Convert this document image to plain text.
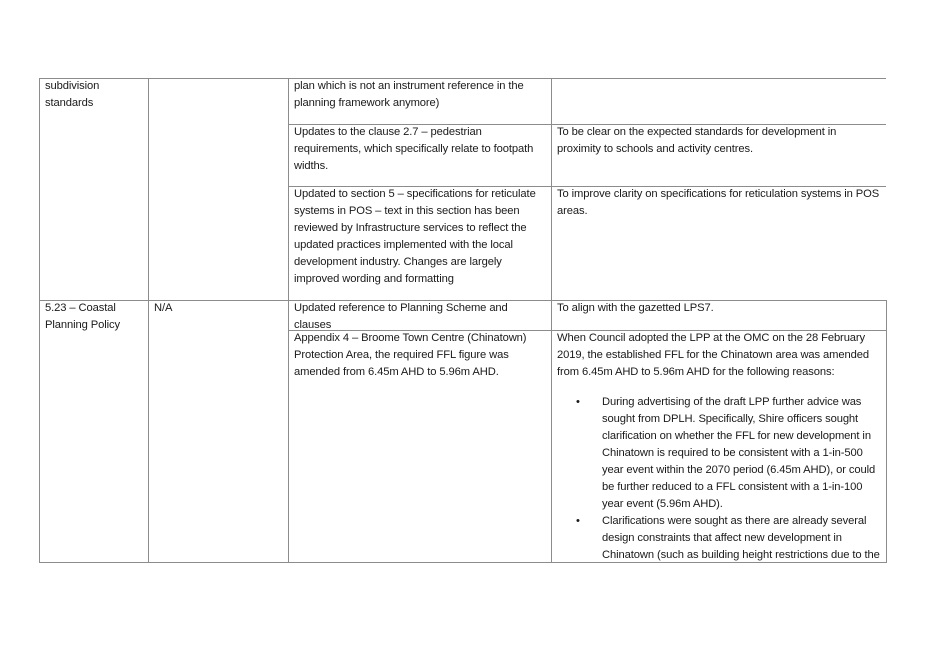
subdivision standards

plan which is not an instrument reference in the planning framework anymore)

Updates to the clause 2.7 – pedestrian requirements, which specifically relate to footpath widths.

To be clear on the expected standards for development in proximity to schools and activity centres.

Updated to section 5 – specifications for reticulate systems in POS – text in this section has been reviewed by Infrastructure services to reflect the updated practices implemented with the local development industry. Changes are largely improved wording and formatting

To improve clarity on specifications for reticulation systems in POS areas.

5.23 – Coastal Planning Policy

N/A	Updated reference to Planning Scheme and clauses

To align with the gazetted LPS7.

Appendix 4 – Broome Town Centre (Chinatown) Protection Area, the required FFL figure was amended from 6.45m AHD to 5.96m AHD.

When Council adopted the LPP at the OMC on the 28 February 2019, the established FFL for the Chinatown area was amended from 6.45m AHD to 5.96m AHD for the following reasons:

• During advertising of the draft LPP further advice was sought from DPLH. Specifically, Shire officers sought clarification on whether the FFL for new development in Chinatown is required to be consistent with a 1-in-500 year event within the 2070 period (6.45m AHD), or could be further reduced to a FFL consistent with a 1-in-100 year event (5.96m AHD).
• Clarifications were sought as there are already several design constraints that affect new development in Chinatown (such as building height restrictions due to the
